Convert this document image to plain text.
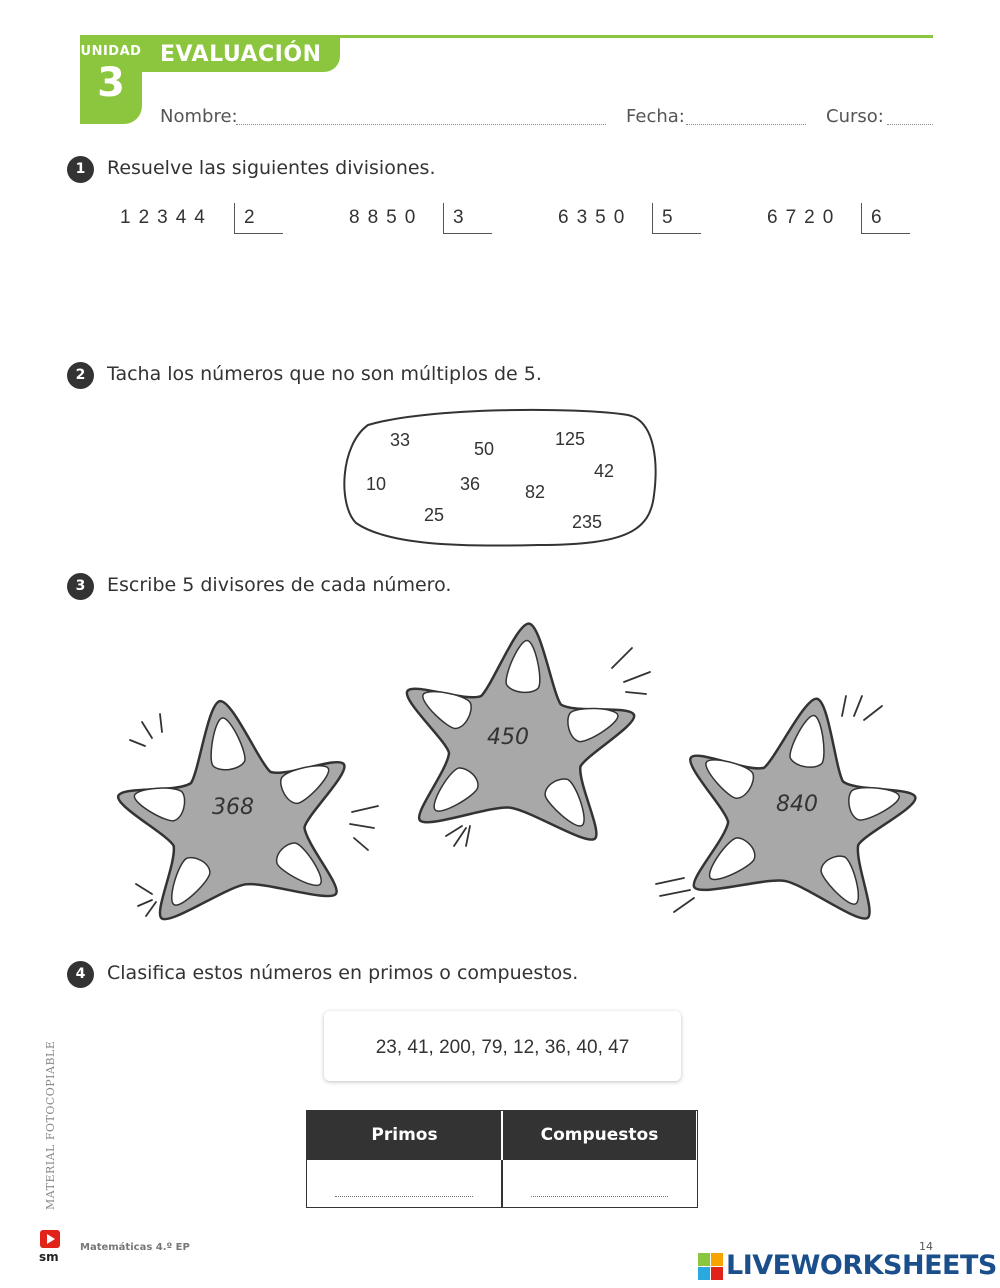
UNIDAD
3
EVALUACIÓN
Nombre:	Fecha:	Curso:
1	Resuelve las siguientes divisiones.
12344 2	8850 3	6350 5	6720 6
2	Tacha los números que no son múltiplos de 5.
33	50	125
42
10	36 82
25	235
3	Escribe 5 divisores de cada número.
368
450
840
4	Clasifica estos números en primos o compuestos.
23, 41, 200, 79, 12, 36, 40, 47
Primos	Compuestos
MATERIAL FOTOCOPIABLE
sm
Matemáticas 4.º EP	14
LIVEWORKSHEETS
